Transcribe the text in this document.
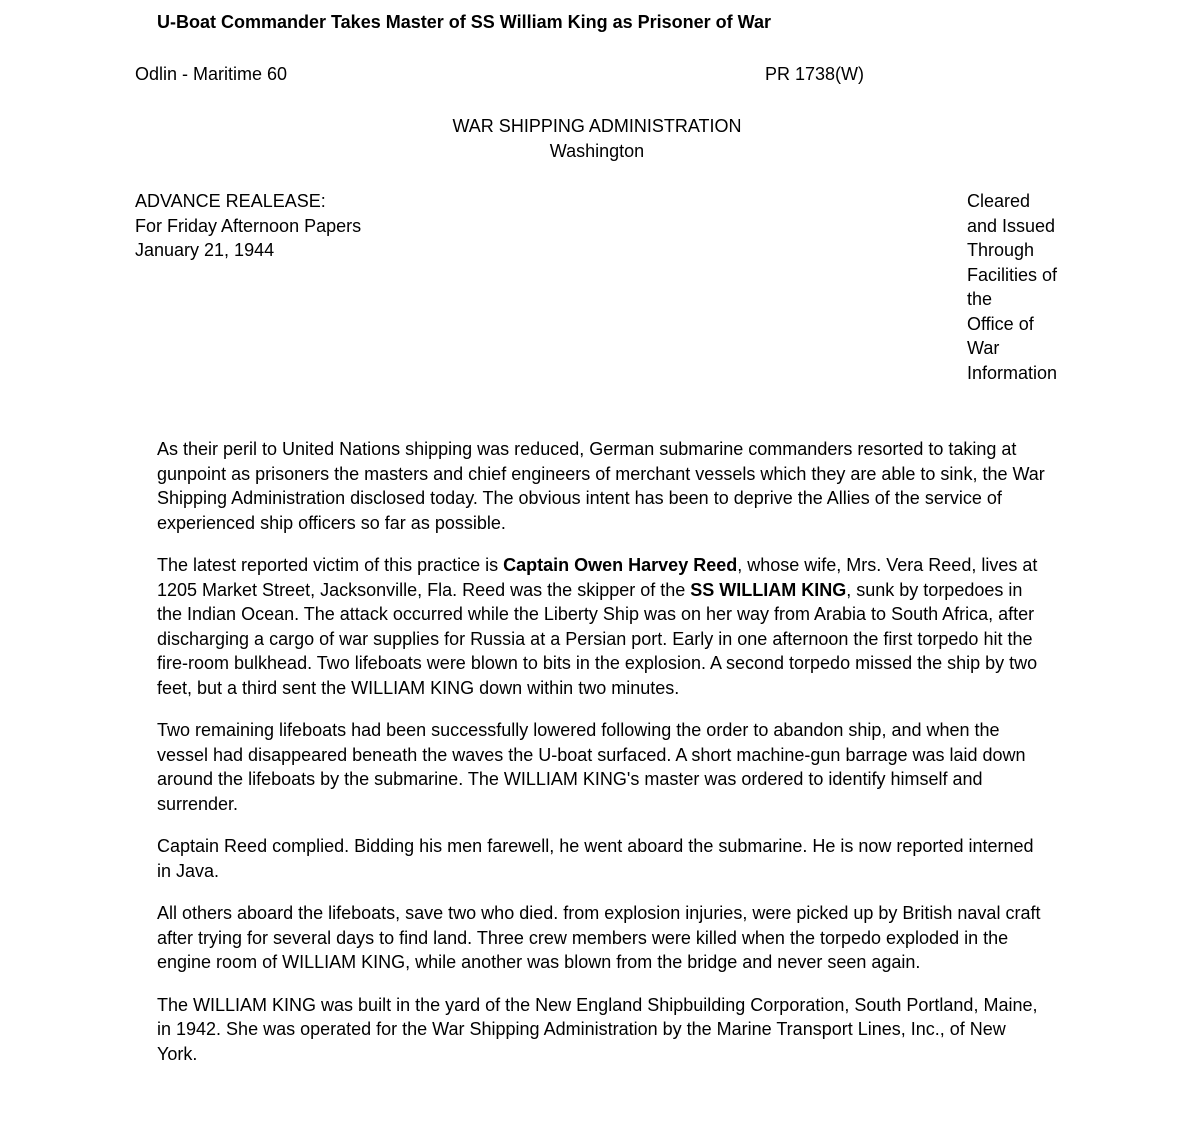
U-Boat Commander Takes Master of SS William King as Prisoner of War
Odlin - Maritime 60	PR 1738(W)
WAR SHIPPING ADMINISTRATION
Washington
ADVANCE REALEASE:
For Friday Afternoon Papers
January 21, 1944
Cleared
and Issued
Through
Facilities of
the
Office of
War
Information

As their peril to United Nations shipping was reduced, German submarine commanders resorted to taking at gunpoint as prisoners the masters and chief engineers of merchant vessels which they are able to sink, the War Shipping Administration disclosed today. The obvious intent has been to deprive the Allies of the service of experienced ship officers so far as possible.

The latest reported victim of this practice is Captain Owen Harvey Reed, whose wife, Mrs. Vera Reed, lives at 1205 Market Street, Jacksonville, Fla. Reed was the skipper of the SS WILLIAM KING, sunk by torpedoes in the Indian Ocean. The attack occurred while the Liberty Ship was on her way from Arabia to South Africa, after discharging a cargo of war supplies for Russia at a Persian port. Early in one afternoon the first torpedo hit the fire-room bulkhead. Two lifeboats were blown to bits in the explosion. A second torpedo missed the ship by two feet, but a third sent the WILLIAM KING down within two minutes.

Two remaining lifeboats had been successfully lowered following the order to abandon ship, and when the vessel had disappeared beneath the waves the U-boat surfaced. A short machine-gun barrage was laid down around the lifeboats by the submarine. The WILLIAM KING's master was ordered to identify himself and surrender.

Captain Reed complied. Bidding his men farewell, he went aboard the submarine. He is now reported interned in Java.

All others aboard the lifeboats, save two who died. from explosion injuries, were picked up by British naval craft after trying for several days to find land. Three crew members were killed when the torpedo exploded in the engine room of WILLIAM KING, while another was blown from the bridge and never seen again.

The WILLIAM KING was built in the yard of the New England Shipbuilding Corporation, South Portland, Maine, in 1942. She was operated for the War Shipping Administration by the Marine Transport Lines, Inc., of New York.
